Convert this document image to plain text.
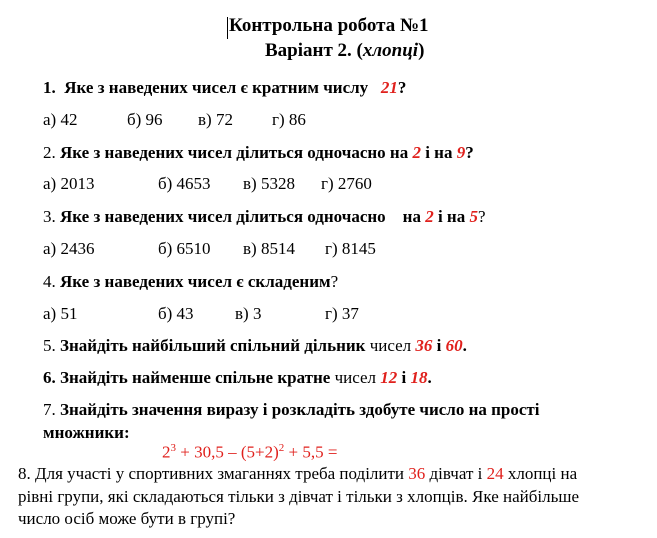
Контрольна робота №1
Варіант 2. (хлопці)
1. Яке з наведених чисел є кратним числу 21?
а) 42	б) 96 в) 72 г) 86
2. Яке з наведених чисел ділиться одночасно на 2 і на 9?
а) 2013	б) 4653 в) 5328 г) 2760
3. Яке з наведених чисел ділиться одночасно на 2 і на 5?
а) 2436	б) 6510 в) 8514 г) 8145
4. Яке з наведених чисел є складеним?
а) 51	б) 43 в) 3	г) 37
5. Знайдіть найбільший спільний дільник чисел 36 і 60.
6. Знайдіть найменше спільне кратне чисел 12 і 18.
7. Знайдіть значення виразу і розкладіть здобуте число на прості
множники:
$2^3 + 30,5 - (5+2)^2 + 5,5$ =
8. Для участі у спортивних змаганнях треба поділити 36 дівчат і 24 хлопці на
рівні групи, які складаються тільки з дівчат і тільки з хлопців. Яке найбільше
число осіб може бути в групі?
